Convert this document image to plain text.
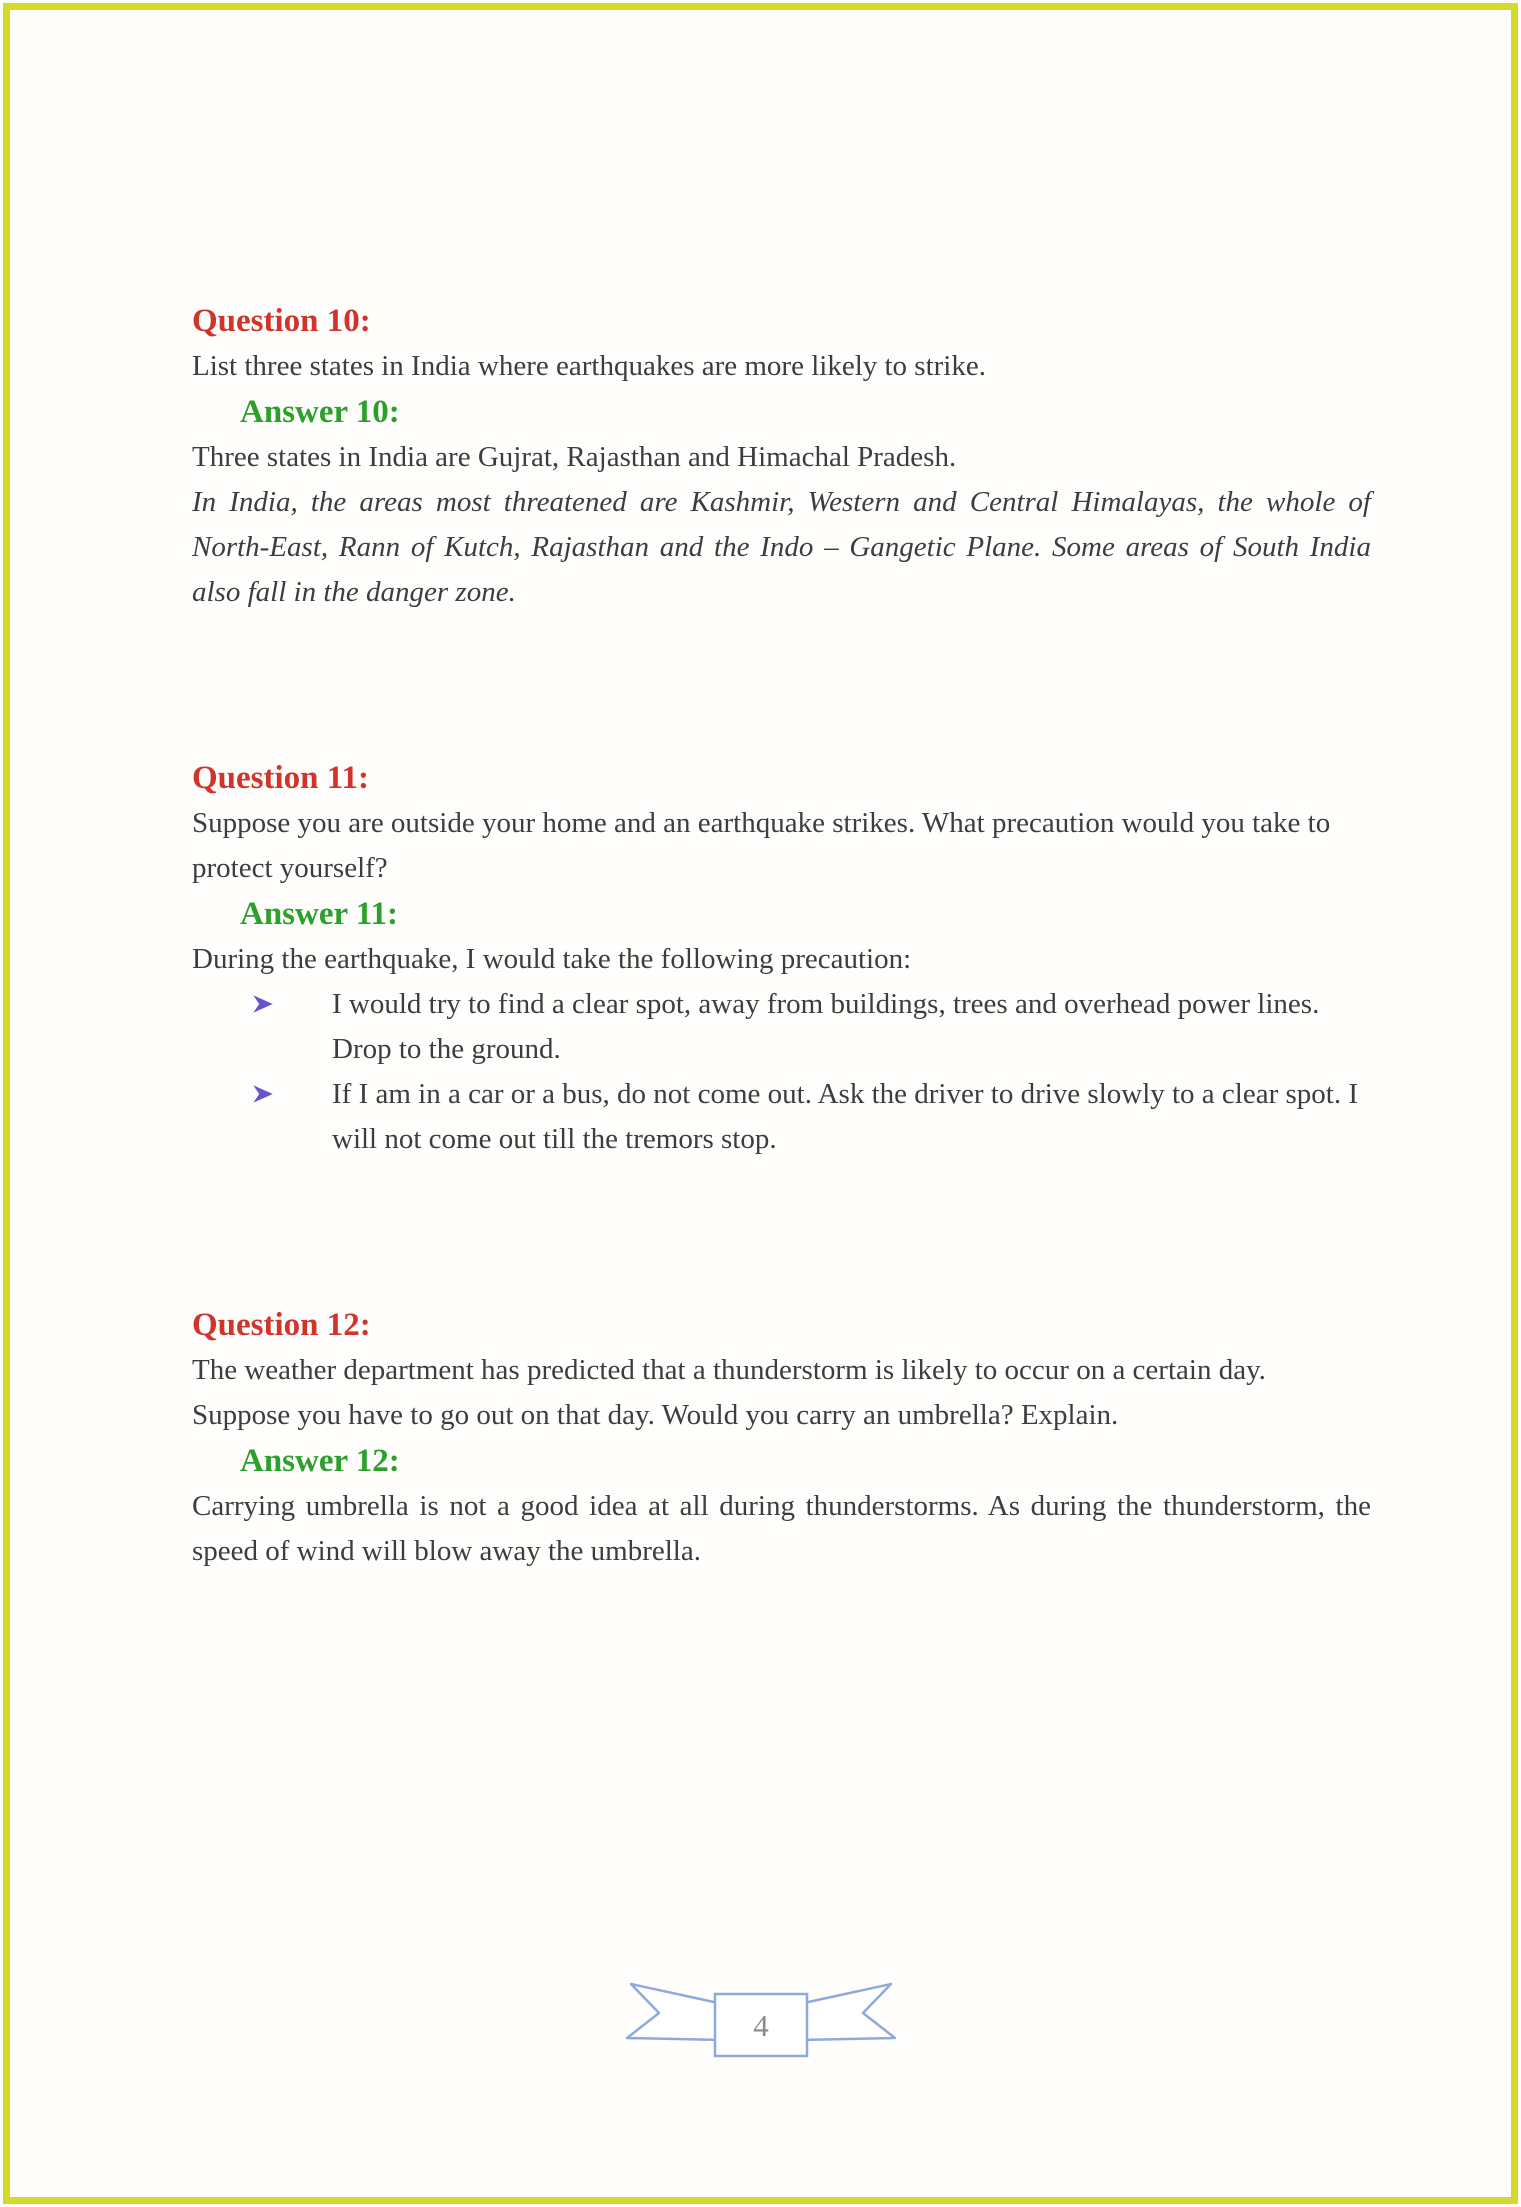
Question 10:

List three states in India where earthquakes are more likely to strike.

Answer 10:

Three states in India are Gujrat, Rajasthan and Himachal Pradesh.

In India, the areas most threatened are Kashmir, Western and Central Himalayas, the whole of North-East, Rann of Kutch, Rajasthan and the Indo – Gangetic Plane. Some areas of South India also fall in the danger zone.

Question 11:

Suppose you are outside your home and an earthquake strikes. What precaution would you take to protect yourself?

Answer 11:

During the earthquake, I would take the following precaution:

I would try to find a clear spot, away from buildings, trees and overhead power lines. Drop to the ground.
If I am in a car or a bus, do not come out. Ask the driver to drive slowly to a clear spot. I will not come out till the tremors stop.
Question 12:

The weather department has predicted that a thunderstorm is likely to occur on a certain day. Suppose you have to go out on that day. Would you carry an umbrella? Explain.

Answer 12:

Carrying umbrella is not a good idea at all during thunderstorms. As during the thunderstorm, the speed of wind will blow away the umbrella.

4
